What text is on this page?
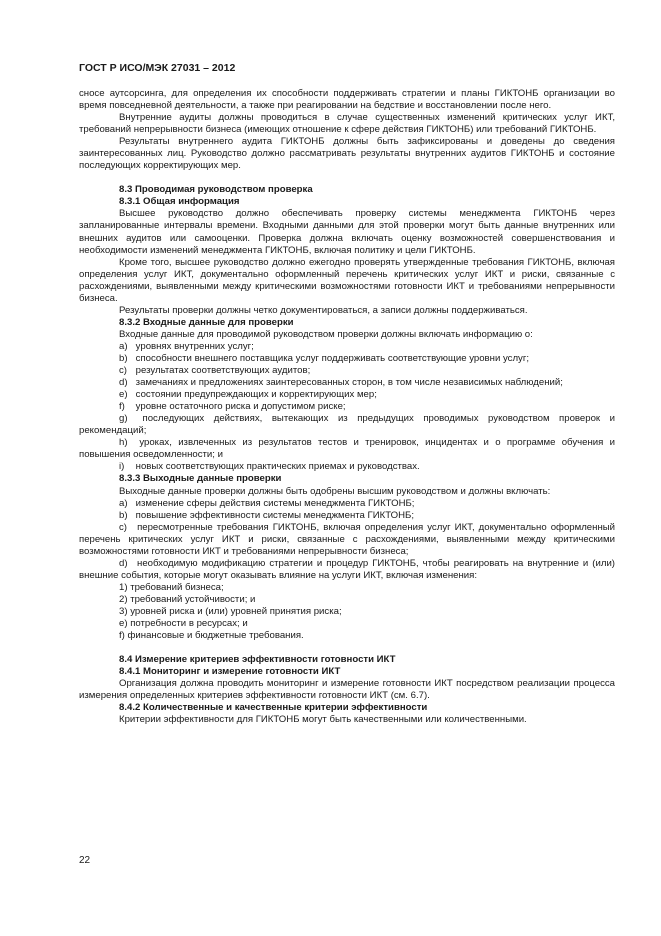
ГОСТ Р ИСО/МЭК 27031 – 2012

сносе аутсорсинга, для определения их способности поддерживать стратегии и планы ГИКТОНБ организации во время повседневной деятельности, а также при реагировании на бедствие и восстановлении после него.

Внутренние аудиты должны проводиться в случае существенных изменений критических услуг ИКТ, требований непрерывности бизнеса (имеющих отношение к сфере действия ГИКТОНБ) или требований ГИКТОНБ.

Результаты внутреннего аудита ГИКТОНБ должны быть зафиксированы и доведены до сведения заинтересованных лиц. Руководство должно рассматривать результаты внутренних аудитов ГИКТОНБ и состояние последующих корректирующих мер.

8.3 Проводимая руководством проверка

8.3.1 Общая информация

Высшее руководство должно обеспечивать проверку системы менеджмента ГИКТОНБ через запланированные интервалы времени. Входными данными для этой проверки могут быть данные внутренних или внешних аудитов или самооценки. Проверка должна включать оценку возможностей совершенствования и необходимости изменений менеджмента ГИКТОНБ, включая политику и цели ГИКТОНБ.

Кроме того, высшее руководство должно ежегодно проверять утвержденные требования ГИКТОНБ, включая определения услуг ИКТ, документально оформленный перечень критических услуг ИКТ и риски, связанные с расхождениями, выявленными между критическими возможностями готовности ИКТ и требованиями непрерывности бизнеса.

Результаты проверки должны четко документироваться, а записи должны поддерживаться.

8.3.2 Входные данные для проверки

Входные данные для проводимой руководством проверки должны включать информацию о:

a) уровнях внутренних услуг;

b) способности внешнего поставщика услуг поддерживать соответствующие уровни услуг;

c) результатах соответствующих аудитов;

d) замечаниях и предложениях заинтересованных сторон, в том числе независимых наблюдений;

e) состоянии предупреждающих и корректирующих мер;

f) уровне остаточного риска и допустимом риске;

g) последующих действиях, вытекающих из предыдущих проводимых руководством проверок и рекомендаций;

h) уроках, извлеченных из результатов тестов и тренировок, инцидентах и о программе обучения и повышения осведомленности; и

i) новых соответствующих практических приемах и руководствах.

8.3.3 Выходные данные проверки

Выходные данные проверки должны быть одобрены высшим руководством и должны включать:

a) изменение сферы действия системы менеджмента ГИКТОНБ;

b) повышение эффективности системы менеджмента ГИКТОНБ;

c) пересмотренные требования ГИКТОНБ, включая определения услуг ИКТ, документально оформленный перечень критических услуг ИКТ и риски, связанные с расхождениями, выявленными между критическими возможностями готовности ИКТ и требованиями непрерывности бизнеса;

d) необходимую модификацию стратегии и процедур ГИКТОНБ, чтобы реагировать на внутренние и (или) внешние события, которые могут оказывать влияние на услуги ИКТ, включая изменения:

1) требований бизнеса;

2) требований устойчивости; и

3) уровней риска и (или) уровней принятия риска;

e) потребности в ресурсах; и

f) финансовые и бюджетные требования.

8.4 Измерение критериев эффективности готовности ИКТ

8.4.1 Мониторинг и измерение готовности ИКТ

Организация должна проводить мониторинг и измерение готовности ИКТ посредством реализации процесса измерения определенных критериев эффективности готовности ИКТ (см. 6.7).

8.4.2 Количественные и качественные критерии эффективности

Критерии эффективности для ГИКТОНБ могут быть качественными или количественными.

22
